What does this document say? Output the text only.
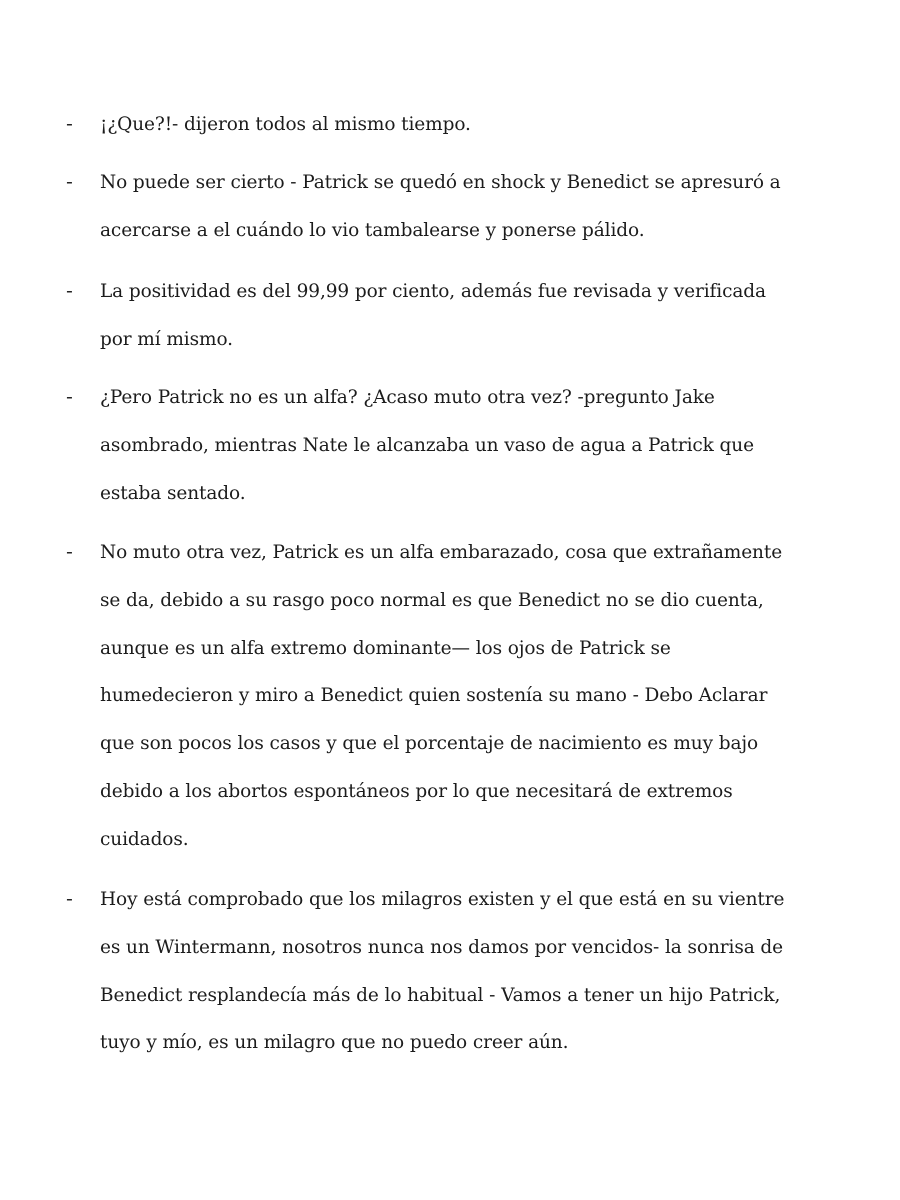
- ¡¿Que?!- dijeron todos al mismo tiempo.

- No puede ser cierto - Patrick se quedó en shock y Benedict se apresuró a acercarse a el cuándo lo vio tambalearse y ponerse pálido.

- La positividad es del 99,99 por ciento, además fue revisada y verificada por mí mismo.

- ¿Pero Patrick no es un alfa? ¿Acaso muto otra vez? -pregunto Jake asombrado, mientras Nate le alcanzaba un vaso de agua a Patrick que estaba sentado.

- No muto otra vez, Patrick es un alfa embarazado, cosa que extrañamente se da, debido a su rasgo poco normal es que Benedict no se dio cuenta, aunque es un alfa extremo dominante— los ojos de Patrick se humedecieron y miro a Benedict quien sostenía su mano - Debo Aclarar que son pocos los casos y que el porcentaje de nacimiento es muy bajo debido a los abortos espontáneos por lo que necesitará de extremos cuidados.

- Hoy está comprobado que los milagros existen y el que está en su vientre es un Wintermann, nosotros nunca nos damos por vencidos- la sonrisa de Benedict resplandecía más de lo habitual - Vamos a tener un hijo Patrick, tuyo y mío, es un milagro que no puedo creer aún.
